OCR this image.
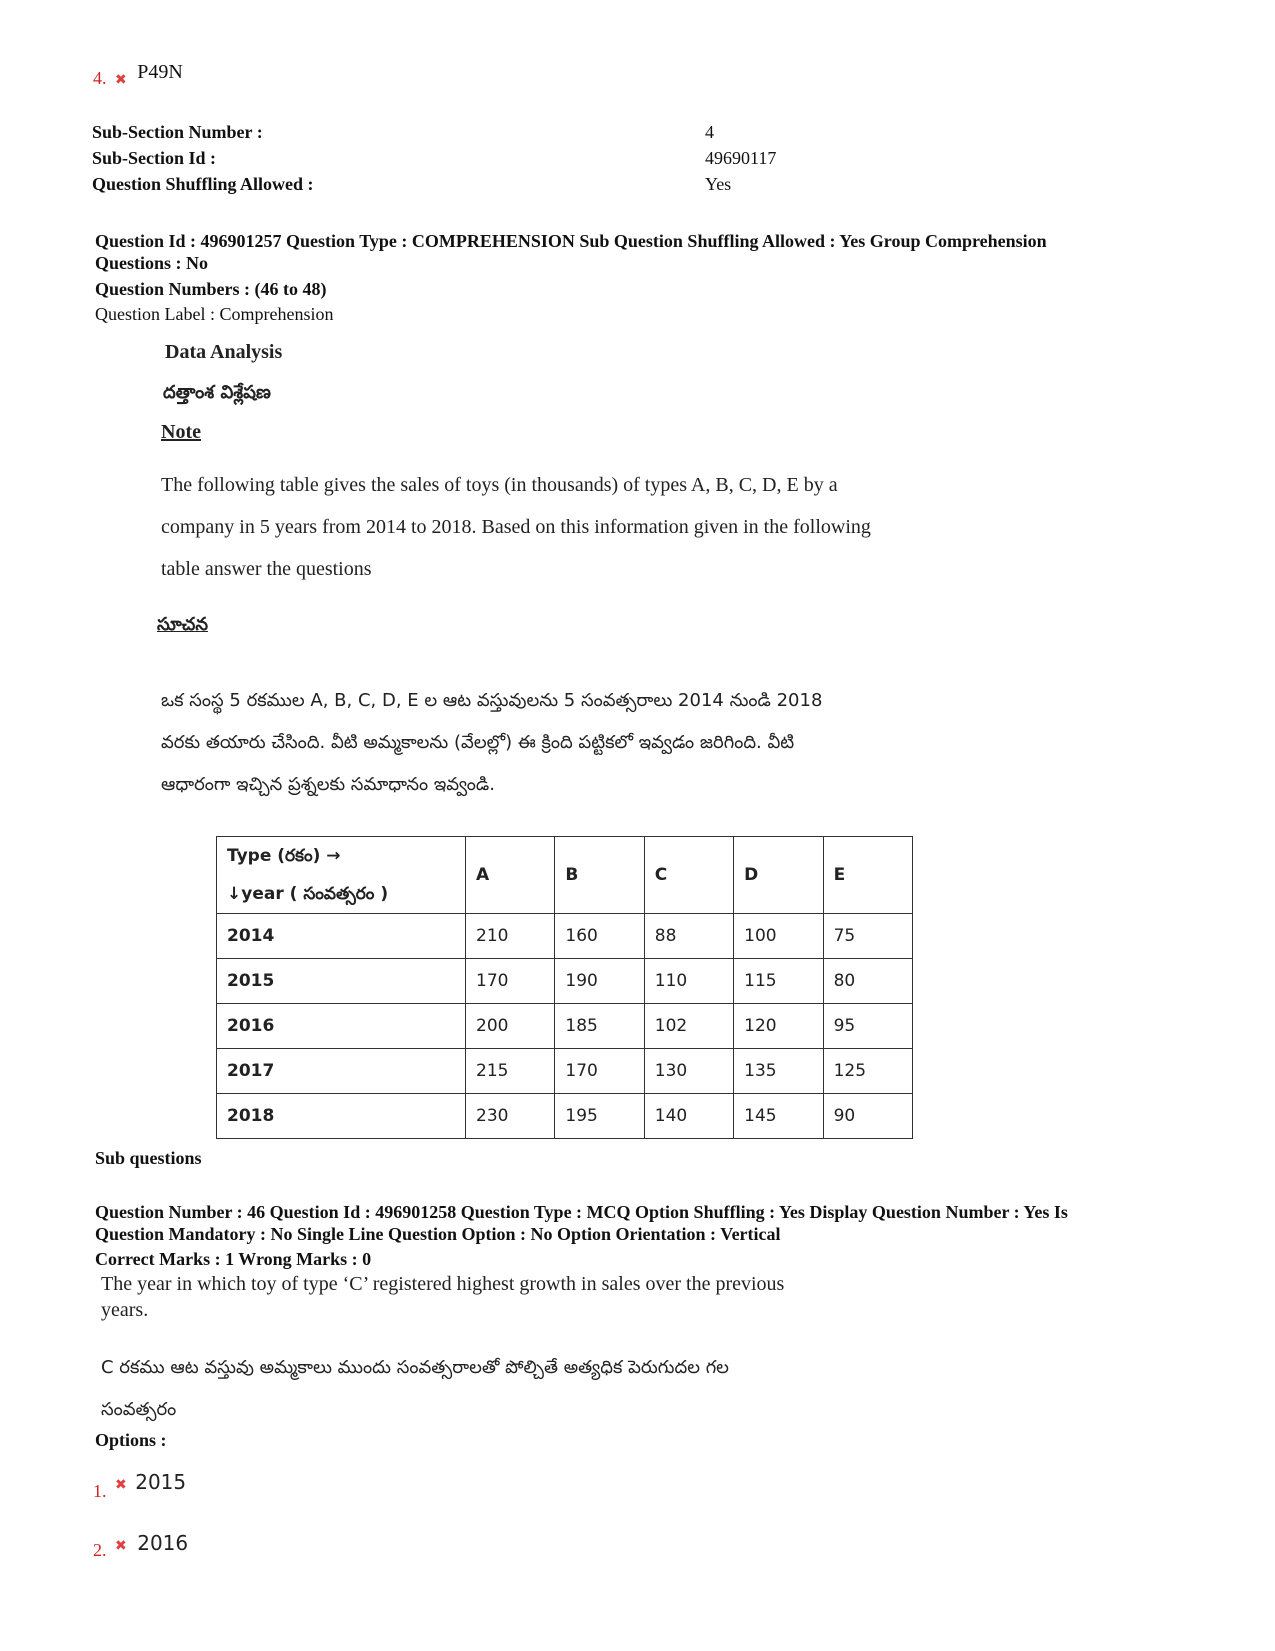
4. ✖ P49N
Sub-Section Number :	4
Sub-Section Id :	49690117
Question Shuffling Allowed :	Yes
Question Id : 496901257 Question Type : COMPREHENSION Sub Question Shuffling Allowed : Yes Group Comprehension
Questions : No
Question Numbers : (46 to 48)
Question Label : Comprehension
Data Analysis
దత్తాంశ విశ్లేషణ
Note
The following table gives the sales of toys (in thousands) of types A, B, C, D, E by a
company in 5 years from 2014 to 2018. Based on this information given in the following
table answer the questions
సూచన
ఒక సంస్థ 5 రకముల A, B, C, D, E ల ఆట వస్తువులను 5 సంవత్సరాలు 2014 నుండి 2018
వరకు తయారు చేసింది. వీటి అమ్మకాలను (వేలల్లో) ఈ క్రింది పట్టికలో ఇవ్వడం జరిగింది. వీటి
ఆధారంగా ఇచ్చిన ప్రశ్నలకు సమాధానం ఇవ్వండి.
Type (రకం) →
↓year ( సంవత్సరం )	A	B	C	D	E
2014	210	160	88	100	75
2015	170	190	110	115	80
2016	200	185	102	120	95
2017	215	170	130	135	125
2018	230	195	140	145	90
Sub questions
Question Number : 46 Question Id : 496901258 Question Type : MCQ Option Shuffling : Yes Display Question Number : Yes Is
Question Mandatory : No Single Line Question Option : No Option Orientation : Vertical
Correct Marks : 1 Wrong Marks : 0
The year in which toy of type ‘C’ registered highest growth in sales over the previous
years.
C రకము ఆట వస్తువు అమ్మకాలు ముందు సంవత్సరాలతో పోల్చితే అత్యధిక పెరుగుదల గల
సంవత్సరం
Options :
1. ✖ 2015
2. ✖ 2016
